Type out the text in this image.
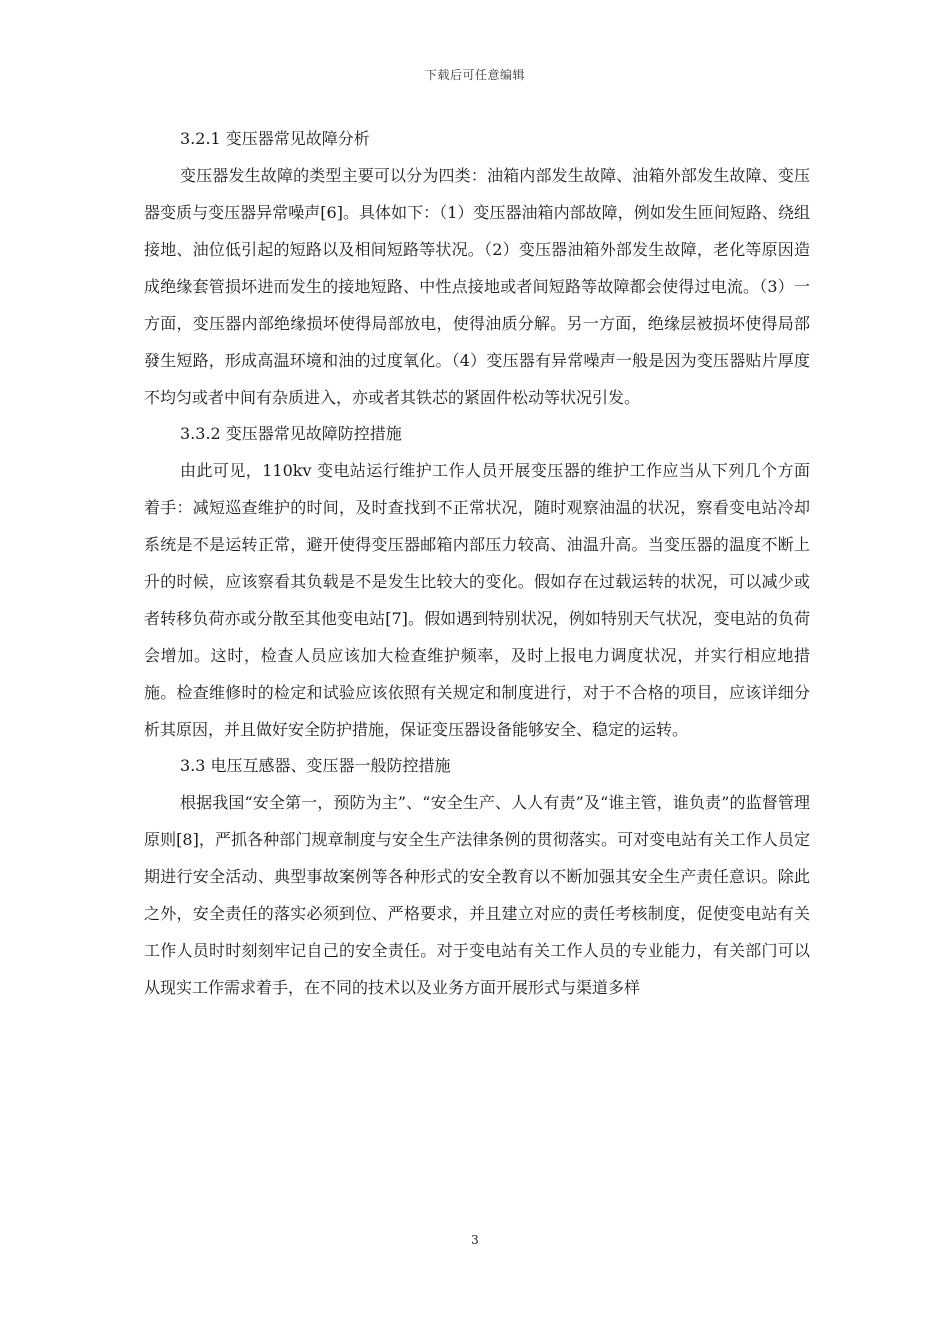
下载后可任意编辑
3.2.1 变压器常见故障分析

变压器发生故障的类型主要可以分为四类：油箱内部发生故障、油箱外部发生故障、变压器变质与变压器异常噪声[6]。具体如下：（1）变压器油箱内部故障，例如发生匝间短路、绕组接地、油位低引起的短路以及相间短路等状况。（2）变压器油箱外部发生故障，老化等原因造成绝缘套管损坏进而发生的接地短路、中性点接地或者间短路等故障都会使得过电流。（3）一方面，变压器内部绝缘损坏使得局部放电，使得油质分解。另一方面，绝缘层被损坏使得局部發生短路，形成高温环境和油的过度氧化。（4）变压器有异常噪声一般是因为变压器贴片厚度不均匀或者中间有杂质进入，亦或者其铁芯的紧固件松动等状况引发。

3.3.2 变压器常见故障防控措施

由此可见，110kv 变电站运行维护工作人员开展变压器的维护工作应当从下列几个方面着手：减短巡查维护的时间，及时查找到不正常状况，随时观察油温的状况，察看变电站冷却系统是不是运转正常，避开使得变压器邮箱内部压力较高、油温升高。当变压器的温度不断上升的时候，应该察看其负载是不是发生比较大的变化。假如存在过载运转的状况，可以减少或者转移负荷亦或分散至其他变电站[7]。假如遇到特别状况，例如特别天气状况，变电站的负荷会增加。这时，检查人员应该加大检查维护频率，及时上报电力调度状况，并实行相应地措施。检查维修时的检定和试验应该依照有关规定和制度进行，对于不合格的项目，应该详细分析其原因，并且做好安全防护措施，保证变压器设备能够安全、稳定的运转。

3.3 电压互感器、变压器一般防控措施

根据我国“安全第一，预防为主”、“安全生产、人人有责”及“谁主管，谁负责”的监督管理原则[8]，严抓各种部门规章制度与安全生产法律条例的贯彻落实。可对变电站有关工作人员定期进行安全活动、典型事故案例等各种形式的安全教育以不断加强其安全生产责任意识。除此之外，安全责任的落实必须到位、严格要求，并且建立对应的责任考核制度，促使变电站有关工作人员时时刻刻牢记自己的安全责任。对于变电站有关工作人员的专业能力，有关部门可以从现实工作需求着手，在不同的技术以及业务方面开展形式与渠道多样

3
